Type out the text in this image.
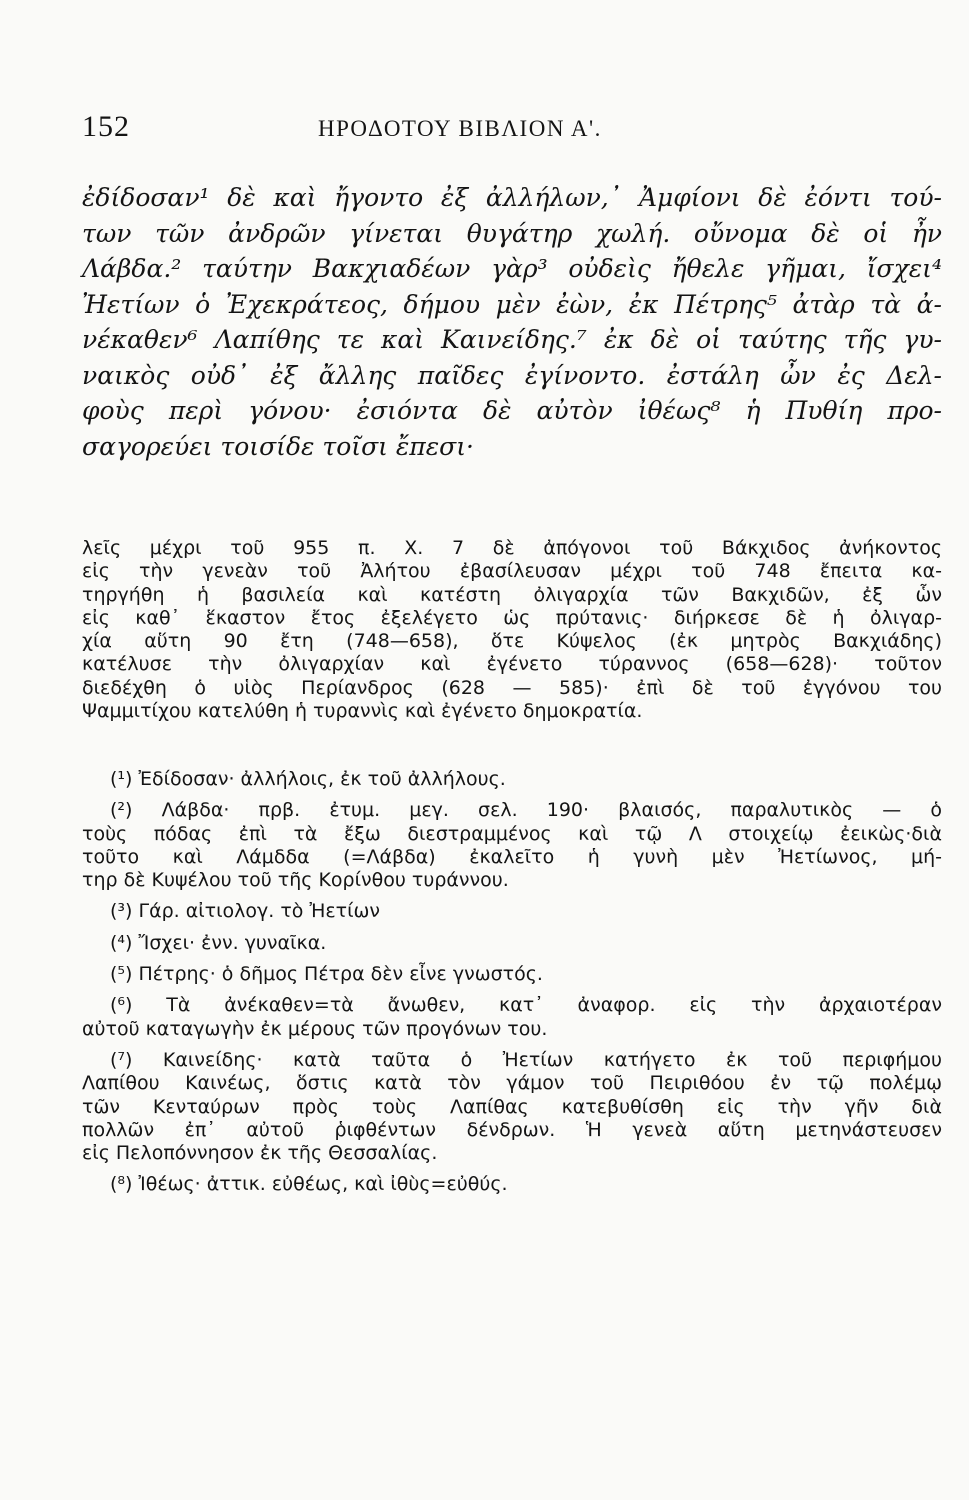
152	ΗΡΟΔΟΤΟΥ ΒΙΒΛΙΟΝ Α'.
ἐδίδοσαν¹ δὲ καὶ ἤγοντο ἐξ ἀλλήλων,᾽ Ἀμφίονι δὲ ἐόντι τού-
των τῶν ἀνδρῶν γίνεται θυγάτηρ χωλή. οὔνομα δὲ οἱ ἦν
Λάβδα.² ταύτην Βακχιαδέων γὰρ³ οὐδεὶς ἤθελε γῆμαι, ἴσχει⁴
Ἠετίων ὁ Ἐχεκράτεος, δήμου μὲν ἐὼν, ἐκ Πέτρης⁵ ἀτὰρ τὰ ἀ-
νέκαθεν⁶ Λαπίθης τε καὶ Καινείδης.⁷ ἐκ δὲ οἱ ταύτης τῆς γυ-
ναικὸς οὐδ᾽ ἐξ ἄλλης παῖδες ἐγίνοντο. ἐστάλη ὦν ἐς Δελ-
φοὺς περὶ γόνου· ἐσιόντα δὲ αὐτὸν ἰθέως⁸ ἡ Πυθίη προ-
σαγορεύει τοισίδε τοῖσι ἔπεσι·
λεῖς μέχρι τοῦ 955 π. Χ. 7 δὲ ἀπόγονοι τοῦ Βάκχιδος ἀνήκοντος
εἰς τὴν γενεὰν τοῦ Ἀλήτου ἐβασίλευσαν μέχρι τοῦ 748 ἔπειτα κα-
τηργήθη ἡ βασιλεία καὶ κατέστη ὀλιγαρχία τῶν Βακχιδῶν, ἐξ ὧν
εἰς καθ᾽ ἕκαστον ἔτος ἐξελέγετο ὡς πρύτανις· διήρκεσε δὲ ἡ ὀλιγαρ-
χία αὕτη 90 ἔτη (748—658), ὅτε Κύψελος (ἐκ μητρὸς Βακχιάδης)
κατέλυσε τὴν ὀλιγαρχίαν καὶ ἐγένετο τύραννος (658—628)· τοῦτον
διεδέχθη ὁ υἱὸς Περίανδρος (628 — 585)· ἐπὶ δὲ τοῦ ἐγγόνου του
Ψαμμιτίχου κατελύθη ἡ τυραννὶς καὶ ἐγένετο δημοκρατία.
(¹) Ἐδίδοσαν· ἀλλήλοις, ἐκ τοῦ ἀλλήλους.
(²) Λάβδα· πρβ. ἐτυμ. μεγ. σελ. 190· βλαισός, παραλυτικὸς — ὁ
τοὺς πόδας ἐπὶ τὰ ἔξω διεστραμμένος καὶ τῷ Λ στοιχείῳ ἐεικὼς·διὰ
τοῦτο καὶ Λάμδδα (=Λάβδα) ἐκαλεῖτο ἡ γυνὴ μὲν Ἠετίωνος, μή-
τηρ δὲ Κυψέλου τοῦ τῆς Κορίνθου τυράννου.
(³) Γάρ. αἰτιολογ. τὸ Ἠετίων
(⁴) Ἴσχει· ἐνν. γυναῖκα.
(⁵) Πέτρης· ὁ δῆμος Πέτρα δὲν εἶνε γνωστός.
(⁶) Τὰ ἀνέκαθεν=τὰ ἄνωθεν, κατ᾽ ἀναφορ. εἰς τὴν ἀρχαιοτέραν
αὐτοῦ καταγωγὴν ἐκ μέρους τῶν προγόνων του.
(⁷) Καινείδης· κατὰ ταῦτα ὁ Ἠετίων κατήγετο ἐκ τοῦ περιφήμου
Λαπίθου Καινέως, ὅστις κατὰ τὸν γάμον τοῦ Πειριθόου ἐν τῷ πολέμῳ
τῶν Κενταύρων πρὸς τοὺς Λαπίθας κατεβυθίσθη εἰς τὴν γῆν διὰ
πολλῶν ἐπ᾽ αὐτοῦ ῥιφθέντων δένδρων. Ἡ γενεὰ αὕτη μετηνάστευσεν
εἰς Πελοπόννησον ἐκ τῆς Θεσσαλίας.
(⁸) Ἰθέως· ἀττικ. εὐθέως, καὶ ἰθὺς=εὐθύς.
